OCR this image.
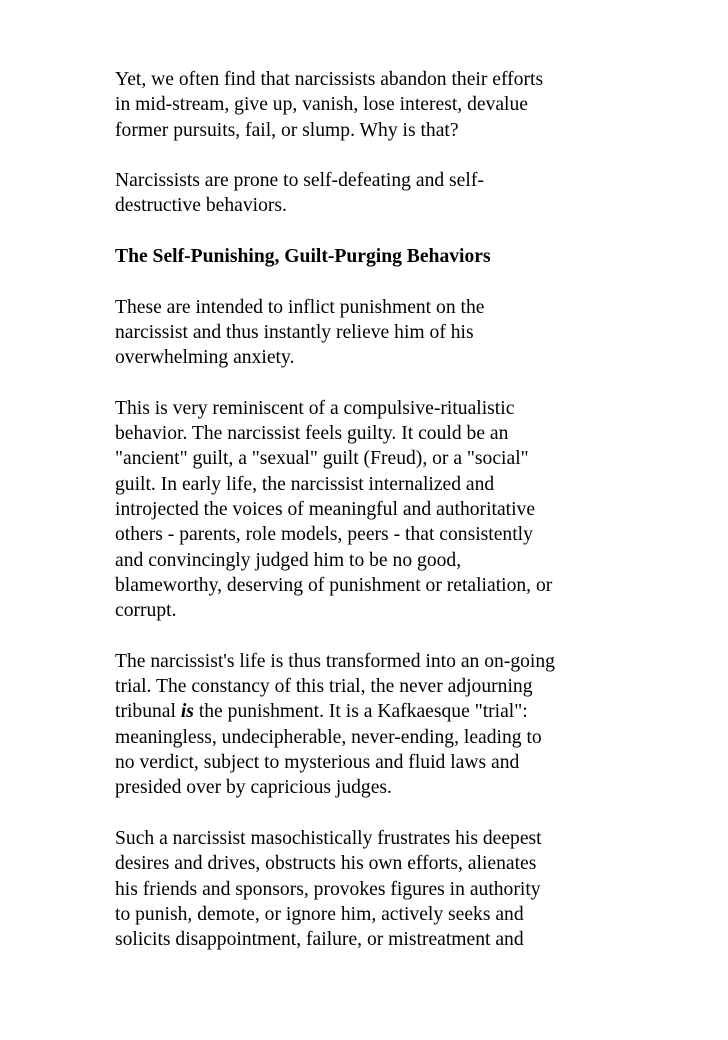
Yet, we often find that narcissists abandon their efforts
in mid-stream, give up, vanish, lose interest, devalue
former pursuits, fail, or slump. Why is that?
Narcissists are prone to self-defeating and self-
destructive behaviors.
The Self-Punishing, Guilt-Purging Behaviors
These are intended to inflict punishment on the
narcissist and thus instantly relieve him of his
overwhelming anxiety.
This is very reminiscent of a compulsive-ritualistic
behavior. The narcissist feels guilty. It could be an
"ancient" guilt, a "sexual" guilt (Freud), or a "social"
guilt. In early life, the narcissist internalized and
introjected the voices of meaningful and authoritative
others - parents, role models, peers - that consistently
and convincingly judged him to be no good,
blameworthy, deserving of punishment or retaliation, or
corrupt.
The narcissist's life is thus transformed into an on-going
trial. The constancy of this trial, the never adjourning
tribunal is the punishment. It is a Kafkaesque "trial":
meaningless, undecipherable, never-ending, leading to
no verdict, subject to mysterious and fluid laws and
presided over by capricious judges.
Such a narcissist masochistically frustrates his deepest
desires and drives, obstructs his own efforts, alienates
his friends and sponsors, provokes figures in authority
to punish, demote, or ignore him, actively seeks and
solicits disappointment, failure, or mistreatment and
